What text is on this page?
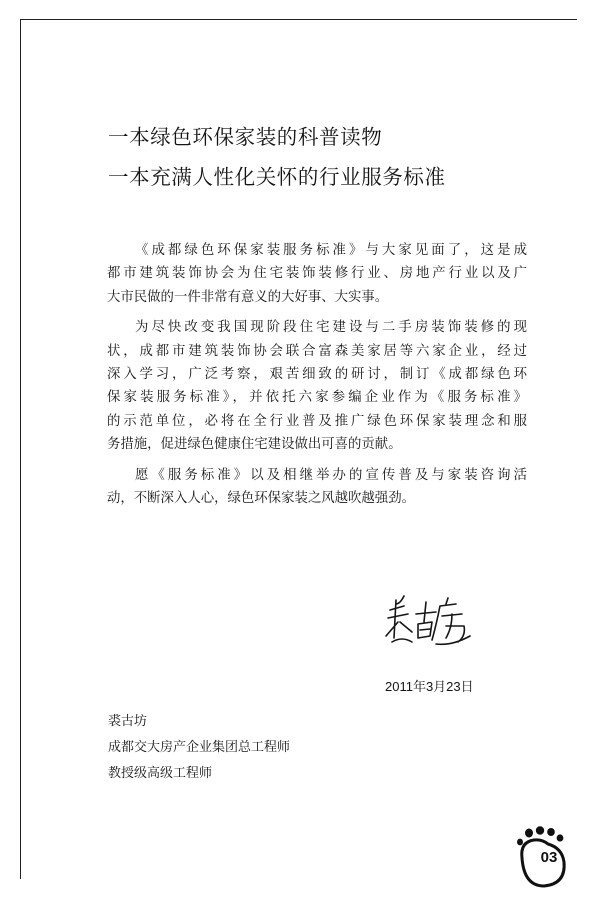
一本绿色环保家装的科普读物
一本充满人性化关怀的行业服务标准

《成都绿色环保家装服务标准》与大家见面了，这是成
都市建筑装饰协会为住宅装饰装修行业、房地产行业以及广
大市民做的一件非常有意义的大好事、大实事。

为尽快改变我国现阶段住宅建设与二手房装饰装修的现
状，成都市建筑装饰协会联合富森美家居等六家企业，经过
深入学习，广泛考察，艰苦细致的研讨，制订《成都绿色环
保家装服务标准》，并依托六家参编企业作为《服务标准》
的示范单位，必将在全行业普及推广绿色环保家装理念和服
务措施，促进绿色健康住宅建设做出可喜的贡献。

愿《服务标准》以及相继举办的宣传普及与家装咨询活
动，不断深入人心，绿色环保家装之风越吹越强劲。

2011年3月23日
裘古坊
成都交大房产企业集团总工程师
教授级高级工程师
03
